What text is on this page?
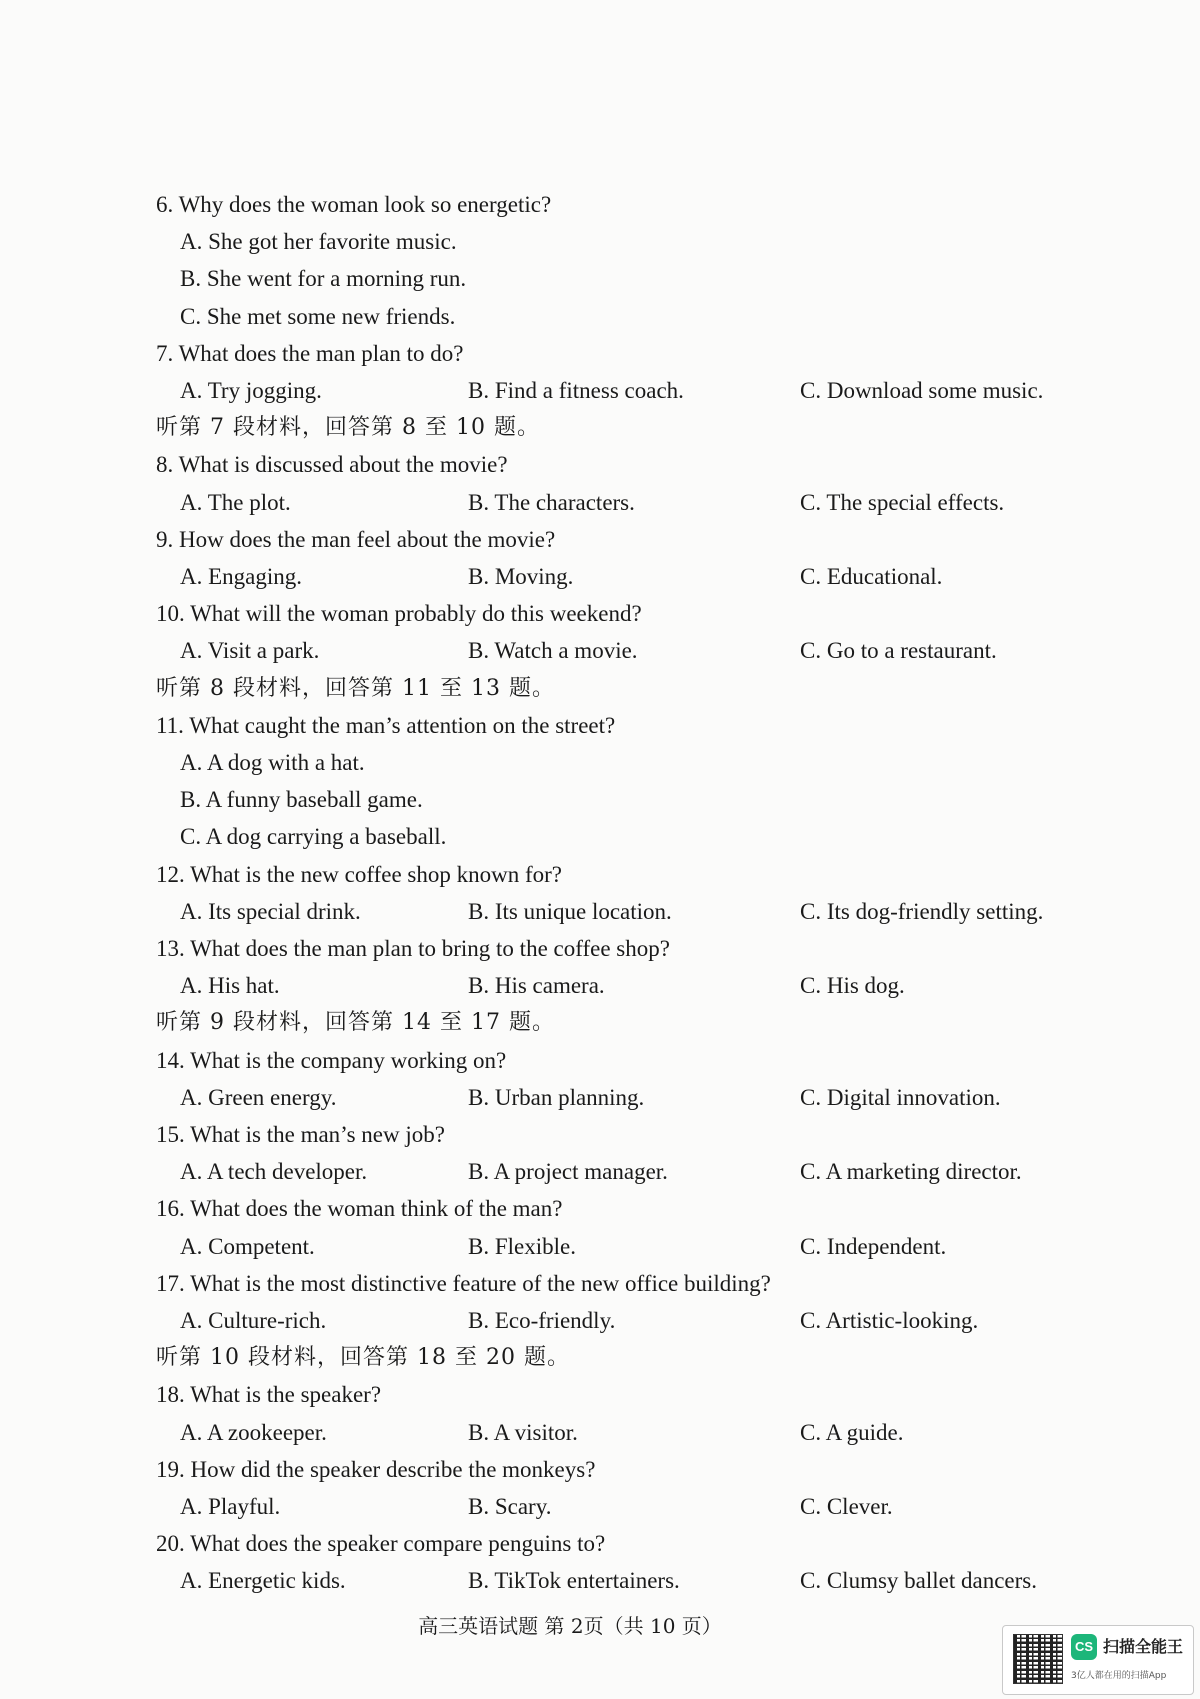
6. Why does the woman look so energetic?
A. She got her favorite music.
B. She went for a morning run.
C. She met some new friends.
7. What does the man plan to do?
A. Try jogging.	B. Find a fitness coach.	C. Download some music.
听第 7 段材料，回答第 8 至 10 题。
8. What is discussed about the movie?
A. The plot.	B. The characters.	C. The special effects.
9. How does the man feel about the movie?
A. Engaging.	B. Moving.	C. Educational.
10. What will the woman probably do this weekend?
A. Visit a park.	B. Watch a movie.	C. Go to a restaurant.
听第 8 段材料，回答第 11 至 13 题。
11. What caught the man’s attention on the street?
A. A dog with a hat.
B. A funny baseball game.
C. A dog carrying a baseball.
12. What is the new coffee shop known for?
A. Its special drink.	B. Its unique location.	C. Its dog-friendly setting.
13. What does the man plan to bring to the coffee shop?
A. His hat.	B. His camera.	C. His dog.
听第 9 段材料，回答第 14 至 17 题。
14. What is the company working on?
A. Green energy.	B. Urban planning.	C. Digital innovation.
15. What is the man’s new job?
A. A tech developer.	B. A project manager.	C. A marketing director.
16. What does the woman think of the man?
A. Competent.	B. Flexible.	C. Independent.
17. What is the most distinctive feature of the new office building?
A. Culture-rich.	B. Eco-friendly.	C. Artistic-looking.
听第 10 段材料，回答第 18 至 20 题。
18. What is the speaker?
A. A zookeeper.	B. A visitor.	C. A guide.
19. How did the speaker describe the monkeys?
A. Playful.	B. Scary.	C. Clever.
20. What does the speaker compare penguins to?
A. Energetic kids.	B. TikTok entertainers.	C. Clumsy ballet dancers.
高三英语试题 第 2页（共 10 页）
CS 扫描全能王
3亿人都在用的扫描App
